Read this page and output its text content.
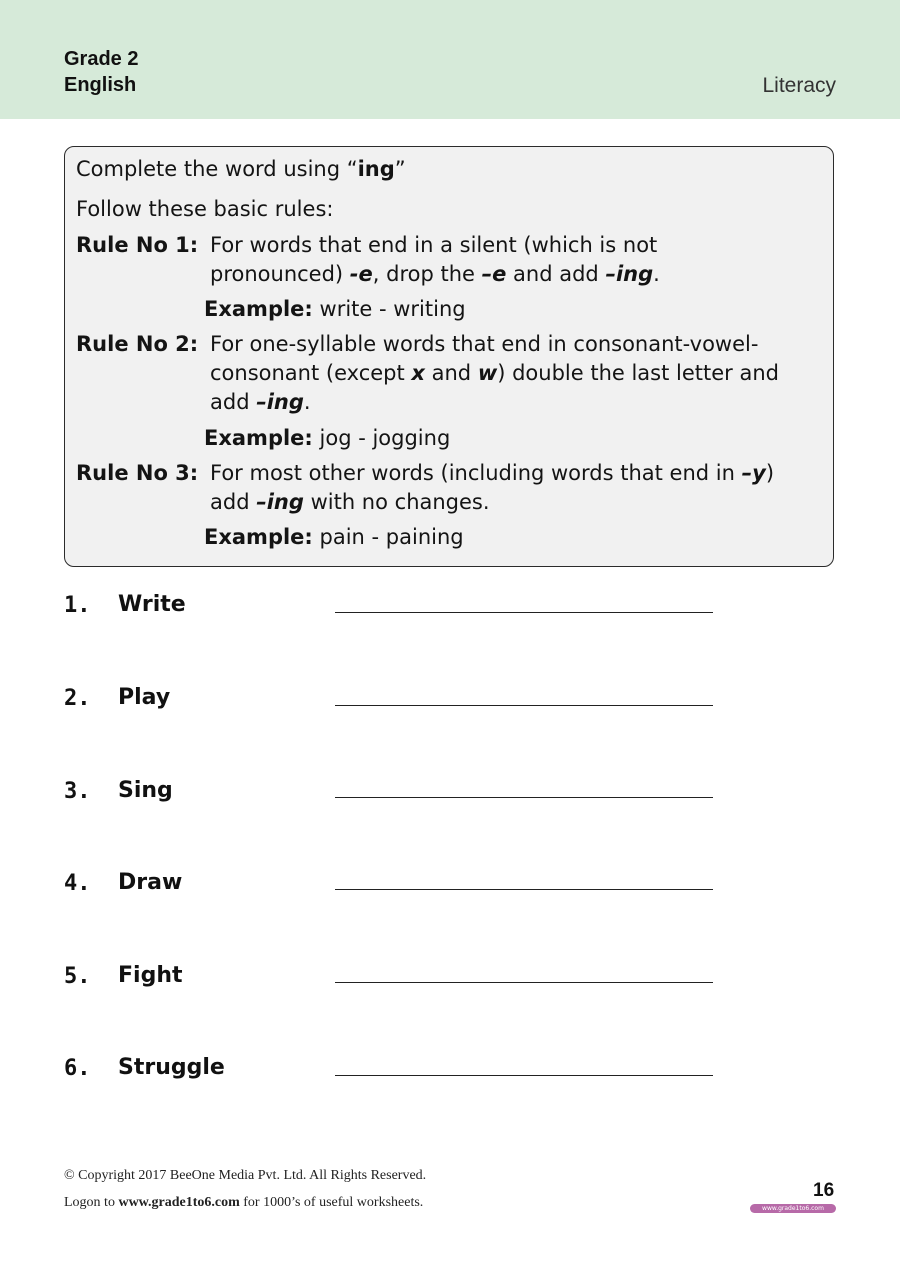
Grade 2
English	Literacy
Complete the word using “ing”
Follow these basic rules:
Rule No 1: For words that end in a silent (which is not
pronounced) -e, drop the –e and add –ing.
Example: write - writing
Rule No 2: For one-syllable words that end in consonant-vowel-
consonant (except x and w) double the last letter and
add –ing.
Example: jog - jogging
Rule No 3: For most other words (including words that end in –y)
add –ing with no changes.
Example: pain - paining
1. Write
2. Play
3. Sing
4. Draw
5. Fight
6. Struggle
© Copyright 2017 BeeOne Media Pvt. Ltd. All Rights Reserved.
Logon to www.grade1to6.com for 1000’s of useful worksheets.
16
www.grade1to6.com
